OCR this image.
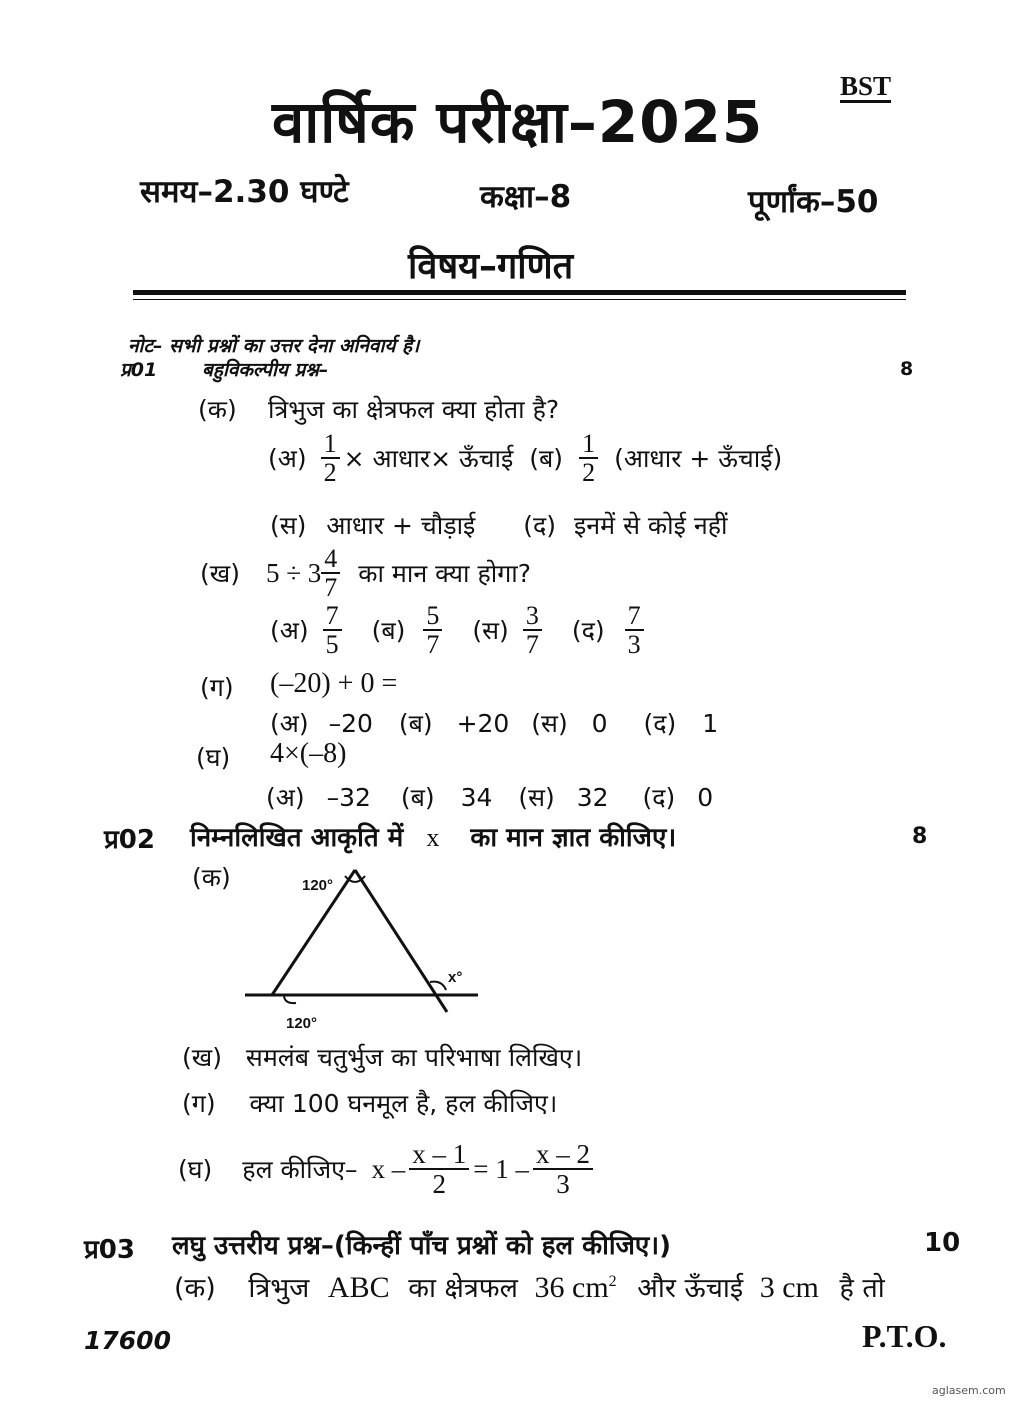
वार्षिक परीक्षा–2025
BST
समय–2.30 घण्टे	कक्षा–8	पूर्णांक–50
विषय–गणित
नोट– सभी प्रश्नों का उत्तर देना अनिवार्य है।
प्र01 बहुविकल्पीय प्रश्न–	8
(क) त्रिभुज का क्षेत्रफल क्या होता है?
(अ) $\frac{1}{2}$ × आधार× ऊँचाई (ब) $\frac{1}{2}$ (आधार + ऊँचाई)
(स) आधार + चौड़ाई (द) इनमें से कोई नहीं
(ख) $5 \div 3 \frac{4}{7}$ का मान क्या होगा?
(अ) $\frac{7}{5}$ (ब) $\frac{5}{7}$ (स) $\frac{3}{7}$ (द) $\frac{7}{3}$
(ग) (–20) + 0 =
(अ) –20 (ब) +20 (स) 0 (द) 1
(घ) 4×(–8)
(अ) –32 (ब) 34 (स) 32 (द) 0
प्र02 निम्नलिखित आकृति में x का मान ज्ञात कीजिए।	8
(क)	120°
x°
120°
(ख) समलंब चतुर्भुज का परिभाषा लिखिए।
(ग) क्या 100 घनमूल है, हल कीजिए।
(घ) हल कीजिए– $x - \frac{x - 1}{2} = 1 - \frac{x - 2}{3}$
प्र03 लघु उत्तरीय प्रश्न–(किन्हीं पाँच प्रश्नों को हल कीजिए।)	10
(क) त्रिभुज ABC का क्षेत्रफल 36 $cm^2$ और ऊँचाई 3 cm है तो
17600	P.T.O.
aglasem.com
